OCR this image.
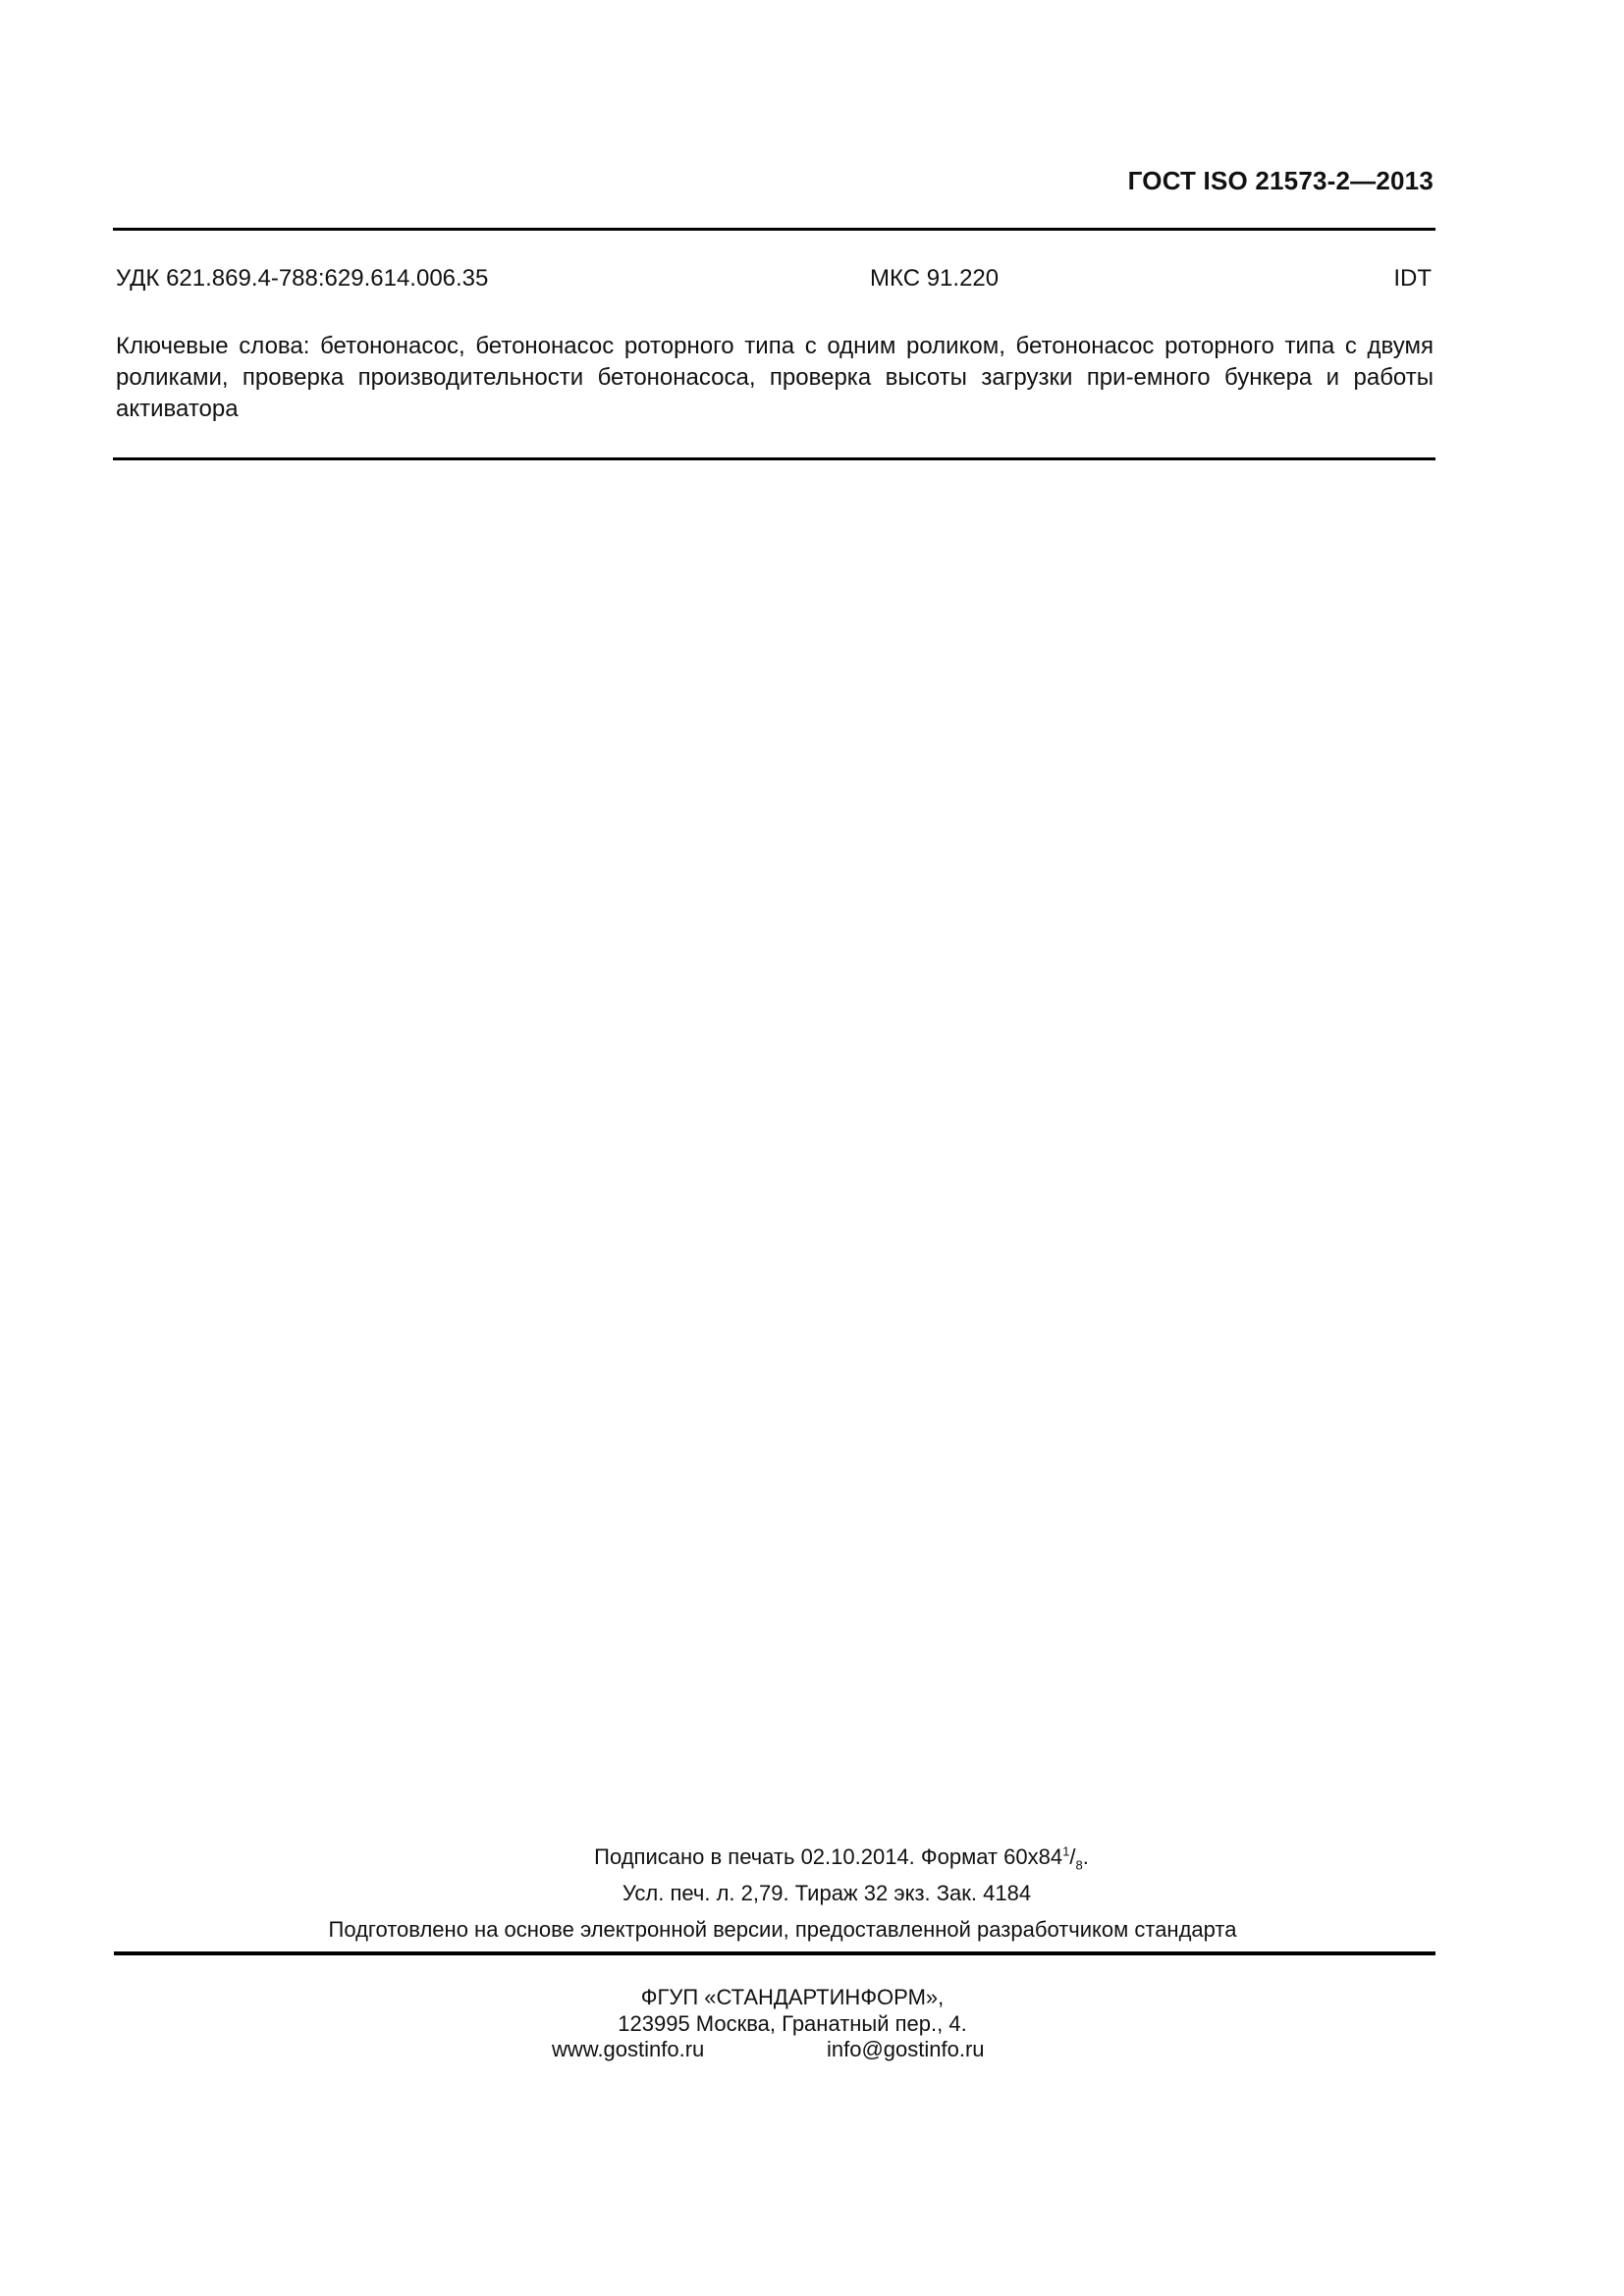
ГОСТ ISO 21573-2—2013
УДК 621.869.4-788:629.614.006.35	МКС 91.220	IDT
Ключевые слова: бетононасос, бетононасос роторного типа с одним роликом, бетононасос роторного типа с двумя роликами, проверка производительности бетононасоса, проверка высоты загрузки при-емного бункера и работы активатора
Подписано в печать 02.10.2014. Формат $60x84^1/_8$.
Усл. печ. л. 2,79. Тираж 32 экз. Зак. 4184
Подготовлено на основе электронной версии, предоставленной разработчиком стандарта
ФГУП «СТАНДАРТИНФОРМ»,
123995 Москва, Гранатный пер., 4.
www.gostinfo.ru	info@gostinfo.ru
